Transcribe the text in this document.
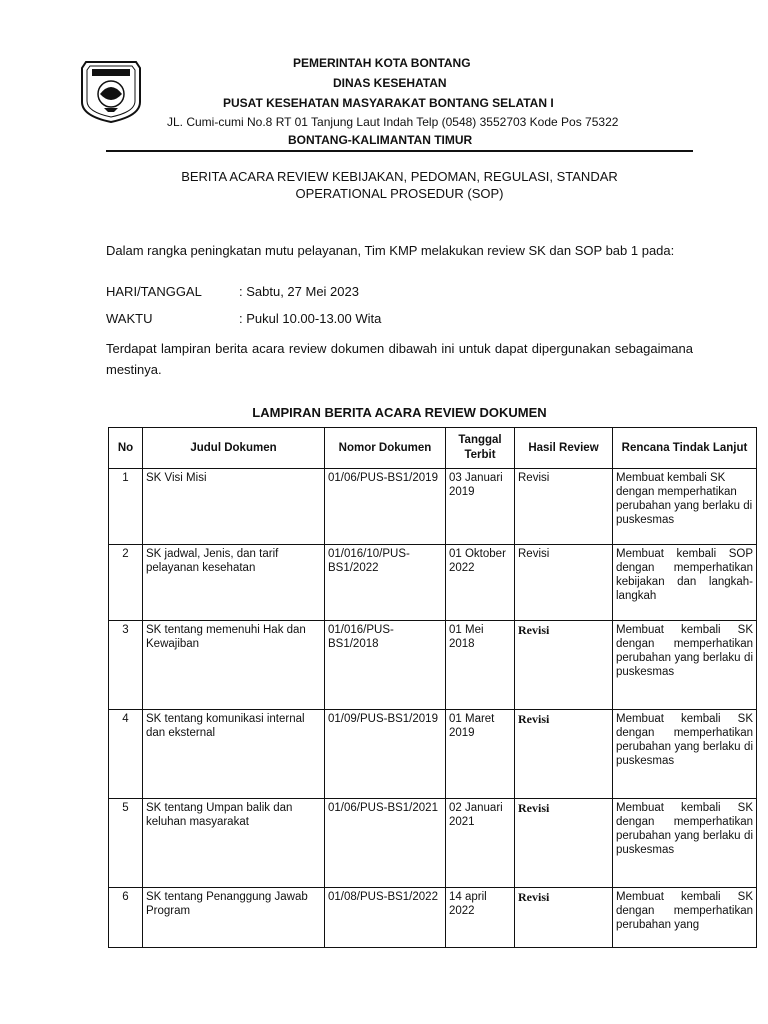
PEMERINTAH KOTA BONTANG
DINAS KESEHATAN
PUSAT KESEHATAN MASYARAKAT BONTANG SELATAN I
JL. Cumi-cumi No.8 RT 01 Tanjung Laut Indah Telp (0548) 3552703 Kode Pos 75322
BONTANG-KALIMANTAN TIMUR
BERITA ACARA REVIEW KEBIJAKAN, PEDOMAN, REGULASI, STANDAR
OPERATIONAL PROSEDUR (SOP)
Dalam rangka peningkatan mutu pelayanan, Tim KMP melakukan review SK dan SOP bab 1 pada:
HARI/TANGGAL	: Sabtu, 27 Mei 2023
WAKTU	: Pukul 10.00-13.00 Wita
Terdapat lampiran berita acara review dokumen dibawah ini untuk dapat dipergunakan sebagaimana mestinya.
LAMPIRAN BERITA ACARA REVIEW DOKUMEN
No	Judul Dokumen	Nomor Dokumen	Tanggal Terbit	Hasil Review	Rencana Tindak Lanjut
1	SK Visi Misi	01/06/PUS-BS1/2019	03 Januari 2019	Revisi	Membuat kembali SK dengan memperhatikan perubahan yang berlaku di puskesmas
2	SK jadwal, Jenis, dan tarif pelayanan kesehatan	01/016/10/PUS-BS1/2022	01 Oktober 2022	Revisi	Membuat kembali SOP dengan memperhatikan kebijakan dan langkah-langkah
3	SK tentang memenuhi Hak dan Kewajiban	01/016/PUS-BS1/2018	01 Mei 2018	Revisi	Membuat kembali SK dengan memperhatikan perubahan yang berlaku di puskesmas
4	SK tentang komunikasi internal dan eksternal	01/09/PUS-BS1/2019	01 Maret 2019	Revisi	Membuat kembali SK dengan memperhatikan perubahan yang berlaku di puskesmas
5	SK tentang Umpan balik dan keluhan masyarakat	01/06/PUS-BS1/2021	02 Januari 2021	Revisi	Membuat kembali SK dengan memperhatikan perubahan yang berlaku di puskesmas
6	SK tentang Penanggung Jawab Program	01/08/PUS-BS1/2022	14 april 2022	Revisi	Membuat kembali SK dengan memperhatikan perubahan yang
